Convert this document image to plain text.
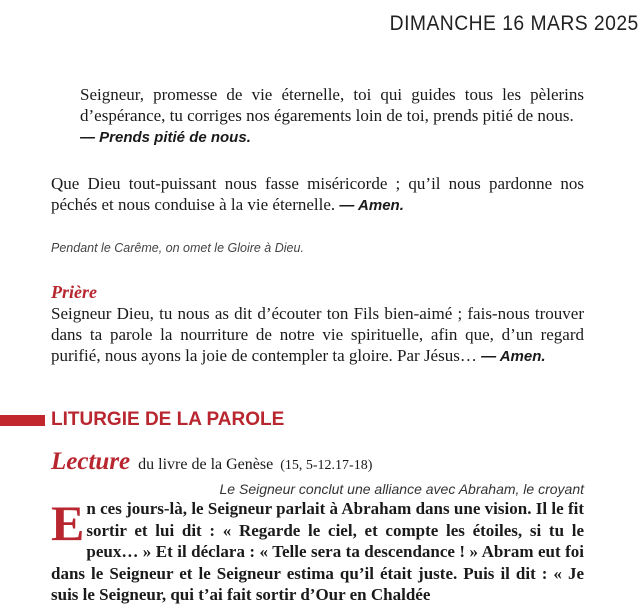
DIMANCHE 16 MARS 2025
Seigneur, promesse de vie éternelle, toi qui guides tous les pèlerins d’espérance, tu corriges nos égarements loin de toi, prends pitié de nous.
— Prends pitié de nous.
Que Dieu tout-puissant nous fasse miséricorde ; qu’il nous pardonne nos péchés et nous conduise à la vie éternelle. — Amen.
Pendant le Carême, on omet le Gloire à Dieu.
Prière
Seigneur Dieu, tu nous as dit d’écouter ton Fils bien-aimé ; fais-nous trouver dans ta parole la nourriture de notre vie spirituelle, afin que, d’un regard purifié, nous ayons la joie de contempler ta gloire. Par Jésus… — Amen.
LITURGIE DE LA PAROLE
Lecture du livre de la Genèse (15, 5-12.17-18)
Le Seigneur conclut une alliance avec Abraham, le croyant
E n ces jours-là, le Seigneur parlait à Abraham dans une vision. Il le fit sortir et lui dit : « Regarde le ciel, et compte les étoiles, si tu le peux… » Et il déclara : « Telle sera ta descendance ! » Abram eut foi dans le Seigneur et le Seigneur estima qu’il était juste. Puis il dit : « Je suis le Seigneur, qui t’ai fait sortir d’Our en Chaldée
